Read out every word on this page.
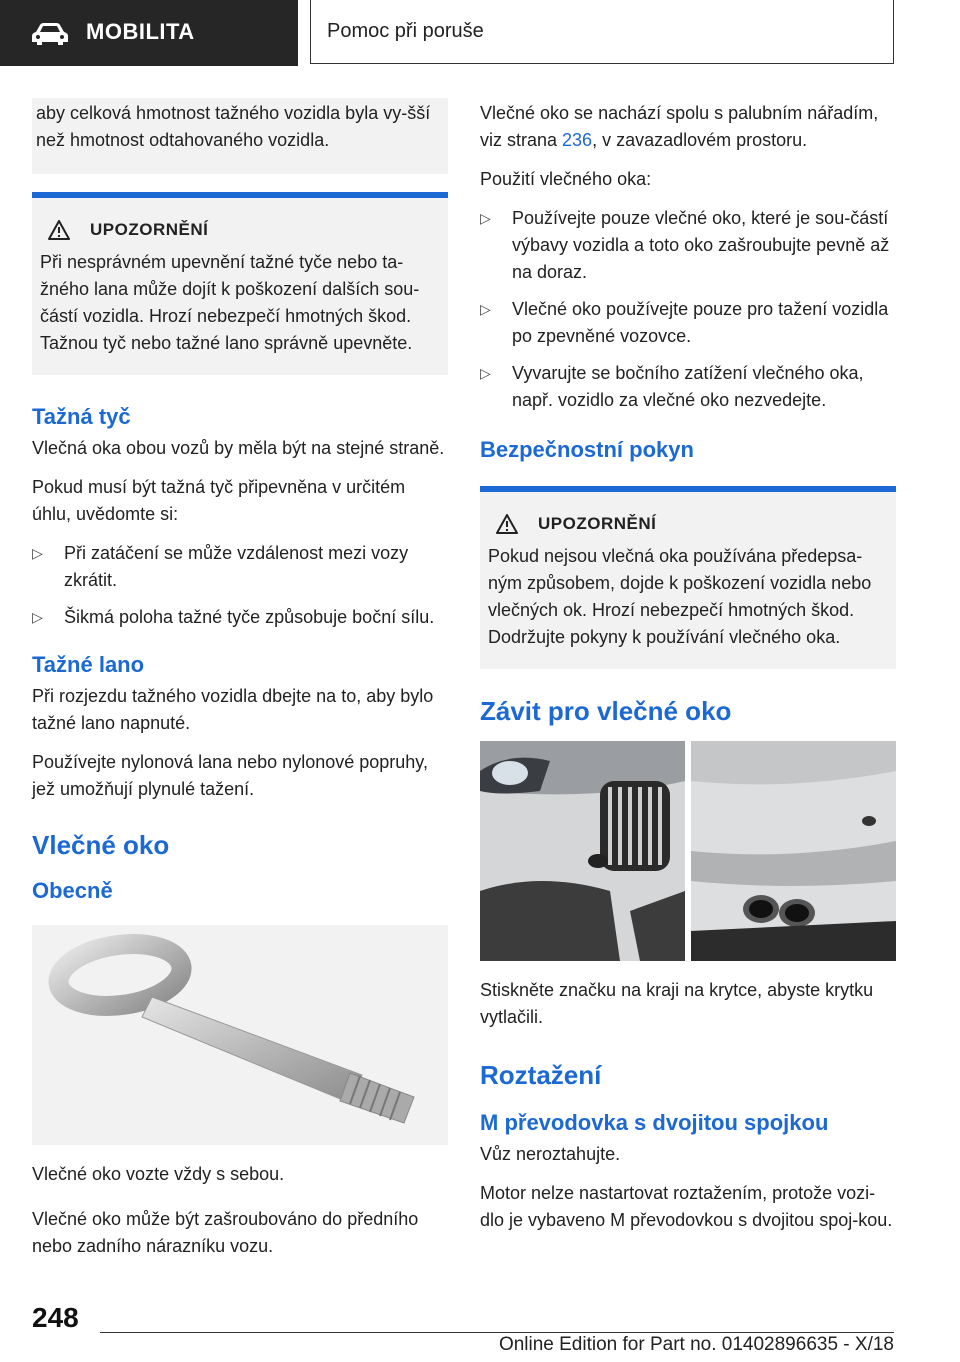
MOBILITA	Pomoc při poruše

aby celková hmotnost tažného vozidla byla vy-šší než hmotnost odtahovaného vozidla.

UPOZORNĚNÍ

Při nesprávném upevnění tažné tyče nebo ta-žného lana může dojít k poškození dalších sou-částí vozidla. Hrozí nebezpečí hmotných škod. Tažnou tyč nebo tažné lano správně upevněte.

Tažná tyč

Vlečná oka obou vozů by měla být na stejné straně.

Pokud musí být tažná tyč připevněna v určitém úhlu, uvědomte si:

▷ Při zatáčení se může vzdálenost mezi vozy zkrátit.
▷ Šikmá poloha tažné tyče způsobuje boční sílu.
Tažné lano

Při rozjezdu tažného vozidla dbejte na to, aby bylo tažné lano napnuté.

Používejte nylonová lana nebo nylonové popruhy, jež umožňují plynulé tažení.

Vlečné oko
Obecně

Vlečné oko vozte vždy s sebou.

Vlečné oko může být zašroubováno do předního nebo zadního nárazníku vozu.

Vlečné oko se nachází spolu s palubním nářadím, viz strana 236, v zavazadlovém prostoru.

Použití vlečného oka:

▷ Používejte pouze vlečné oko, které je sou-částí výbavy vozidla a toto oko zašroubujte pevně až na doraz.
▷ Vlečné oko používejte pouze pro tažení vozidla po zpevněné vozovce.
▷ Vyvarujte se bočního zatížení vlečného oka, např. vozidlo za vlečné oko nezvedejte.
Bezpečnostní pokyn
UPOZORNĚNÍ

Pokud nejsou vlečná oka používána předepsa-ným způsobem, dojde k poškození vozidla nebo vlečných ok. Hrozí nebezpečí hmotných škod. Dodržujte pokyny k používání vlečného oka.

Závit pro vlečné oko

Stiskněte značku na kraji na krytce, abyste krytku vytlačili.

Roztažení
M převodovka s dvojitou spojkou

Vůz neroztahujte.

Motor nelze nastartovat roztažením, protože vozi-dlo je vybaveno M převodovkou s dvojitou spoj-kou.

248
Online Edition for Part no. 01402896635 - X/18
